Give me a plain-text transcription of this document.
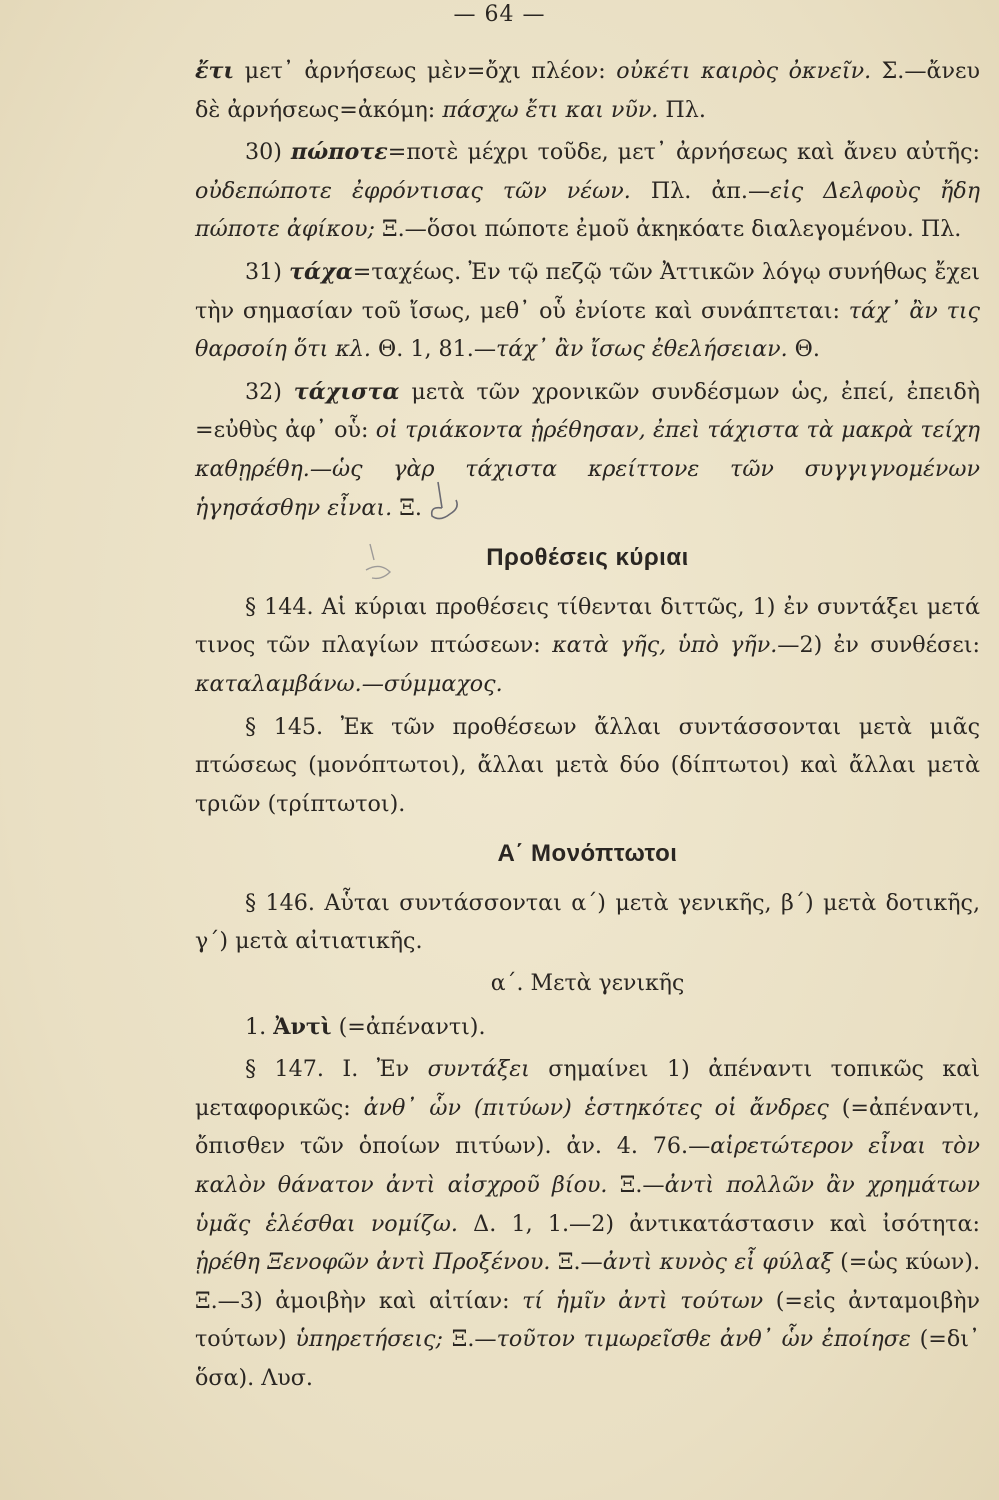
— 64 —

ἔτι μετ᾽ ἀρνήσεως μὲν=ὄχι πλέον: οὐκέτι καιρὸς ὀκνεῖν. Σ.—ἄνευ δὲ ἀρνήσεως=ἀκόμη: πάσχω ἔτι και νῦν. Πλ.

30) πώποτε=ποτὲ μέχρι τοῦδε, μετ᾽ ἀρνήσεως καὶ ἄνευ αὐτῆς: οὐδεπώποτε ἐφρόντισας τῶν νέων. Πλ. ἀπ.—εἰς Δελφοὺς ἤδη πώποτε ἀφίκου; Ξ.—ὅσοι πώποτε ἐμοῦ ἀκηκόατε διαλεγομένου. Πλ.

31) τάχα=ταχέως. Ἐν τῷ πεζῷ τῶν Ἀττικῶν λόγῳ συνήθως ἔχει τὴν σημασίαν τοῦ ἴσως, μεθ᾽ οὗ ἐνίοτε καὶ συνάπτεται: τάχ᾽ ἂν τις θαρσοίη ὅτι κλ. Θ. 1, 81.—τάχ᾽ ἂν ἴσως ἐθελήσειαν. Θ.

32) τάχιστα μετὰ τῶν χρονικῶν συνδέσμων ὡς, ἐπεί, ἐπειδὴ =εὐθὺς ἀφ᾽ οὗ: οἱ τριάκοντα ᾑρέθησαν, ἐπεὶ τάχιστα τὰ μακρὰ τείχη καθῃρέθη.—ὡς γὰρ τάχιστα κρείττονε τῶν συγγιγνομένων ἡγησάσθην εἶναι. Ξ.

Προθέσεις κύριαι

§ 144. Αἱ κύριαι προθέσεις τίθενται διττῶς, 1) ἐν συντάξει μετά τινος τῶν πλαγίων πτώσεων: κατὰ γῆς, ὑπὸ γῆν.—2) ἐν συνθέσει: καταλαμβάνω.—σύμμαχος.

§ 145. Ἐκ τῶν προθέσεων ἄλλαι συντάσσονται μετὰ μιᾶς πτώσεως (μονόπτωτοι), ἄλλαι μετὰ δύο (δίπτωτοι) καὶ ἄλλαι μετὰ τριῶν (τρίπτωτοι).

Α΄ Μονόπτωτοι

§ 146. Αὗται συντάσσονται α΄) μετὰ γενικῆς, β΄) μετὰ δοτικῆς, γ΄) μετὰ αἰτιατικῆς.

α΄. Μετὰ γενικῆς

1. Ἀντὶ (=ἀπέναντι).

§ 147. I. Ἐν συντάξει σημαίνει 1) ἀπέναντι τοπικῶς καὶ μεταφορικῶς: ἀνθ᾽ ὧν (πιτύων) ἑστηκότες οἱ ἄνδρες (=ἀπέναντι, ὄπισθεν τῶν ὁποίων πιτύων). ἀν. 4. 76.—αἱρετώτερον εἶναι τὸν καλὸν θάνατον ἀντὶ αἰσχροῦ βίου. Ξ.—ἀντὶ πολλῶν ἂν χρημάτων ὑμᾶς ἑλέσθαι νομίζω. Δ. 1, 1.—2) ἀντικατάστασιν καὶ ἰσότητα: ᾑρέθη Ξενοφῶν ἀντὶ Προξένου. Ξ.—ἀντὶ κυνὸς εἶ φύλαξ (=ὡς κύων). Ξ.—3) ἀμοιβὴν καὶ αἰτίαν: τί ἡμῖν ἀντὶ τούτων (=εἰς ἀνταμοιβὴν τούτων) ὑπηρετήσεις; Ξ.—τοῦτον τιμωρεῖσθε ἀνθ᾽ ὧν ἐποίησε (=δι᾽ ὅσα). Λυσ.
